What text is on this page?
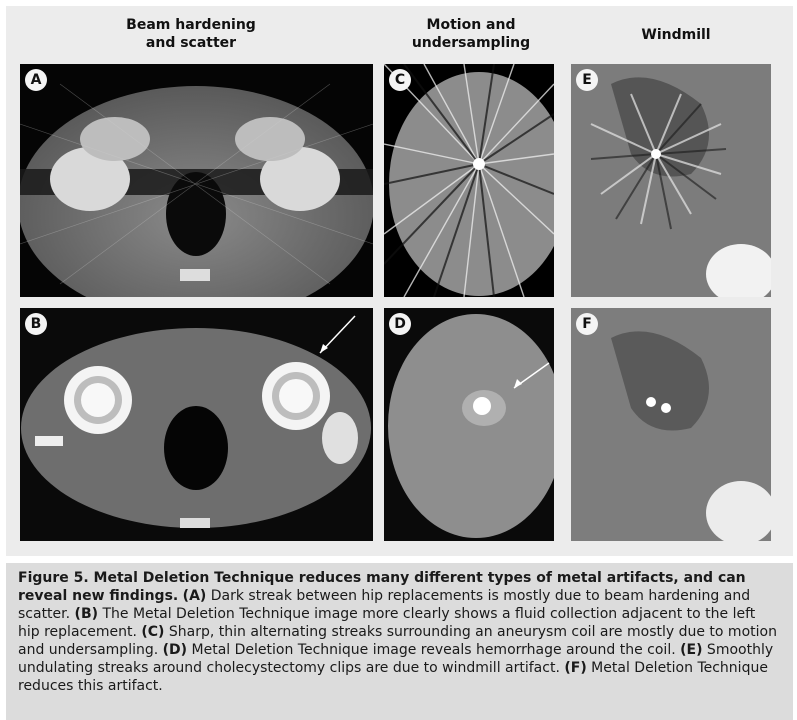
Beam hardening
and scatter
Motion and
undersampling	Windmill
A
B
C
D
E
F
Figure 5. Metal Deletion Technique reduces many different types of metal artifacts, and can reveal new findings. (A) Dark streak between hip replacements is mostly due to beam hardening and scatter. (B) The Metal Deletion Technique image more clearly shows a fluid collection adjacent to the left hip replacement. (C) Sharp, thin alternating streaks surrounding an aneurysm coil are mostly due to motion and undersampling. (D) Metal Deletion Technique image reveals hemorrhage around the coil. (E) Smoothly undulating streaks around cholecystectomy clips are due to windmill artifact. (F) Metal Deletion Technique reduces this artifact.
